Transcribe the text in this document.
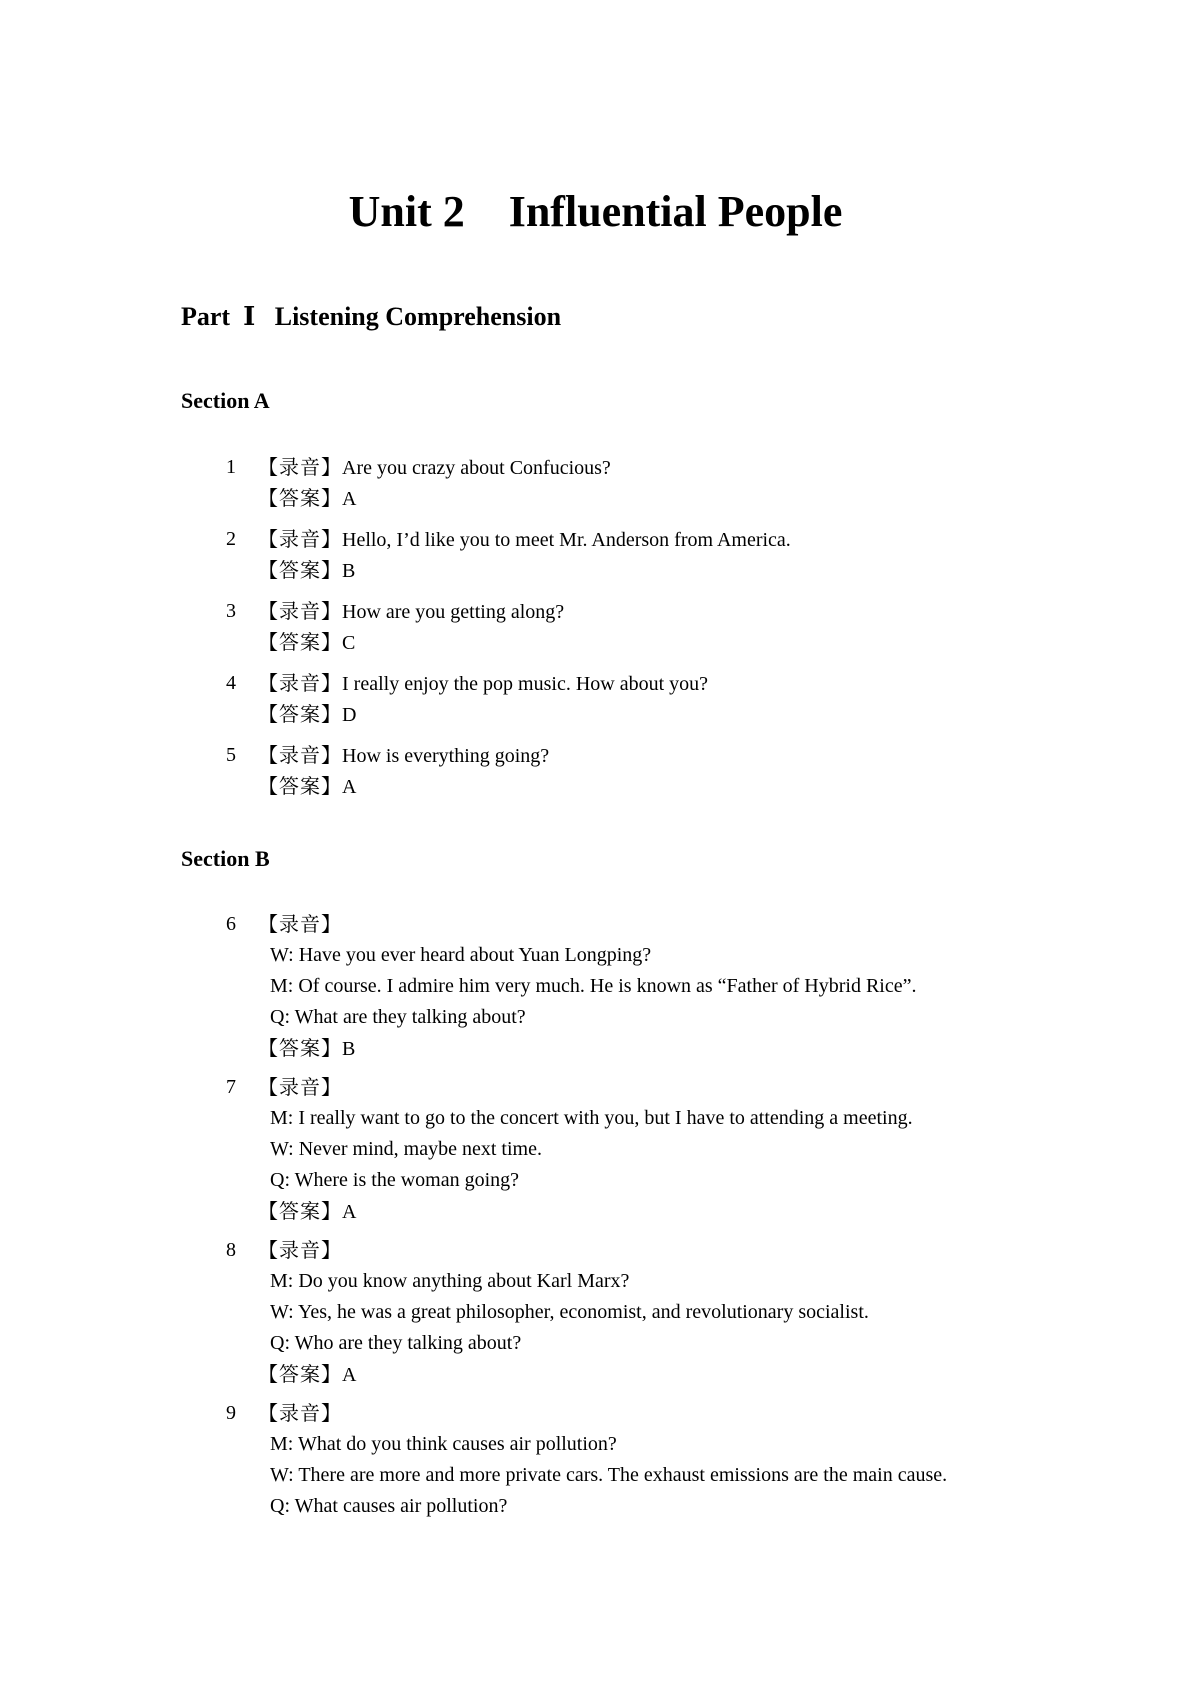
Unit 2    Influential People
Part  Ⅰ   Listening Comprehension
Section A
1	【录音】Are you crazy about Confucious?
【答案】A
2	【录音】Hello, I’d like you to meet Mr. Anderson from America.
【答案】B
3	【录音】How are you getting along?
【答案】C
4	【录音】I really enjoy the pop music. How about you?
【答案】D
5	【录音】How is everything going?
【答案】A
Section B
6	【录音】
W: Have you ever heard about Yuan Longping?
M: Of course. I admire him very much. He is known as “Father of Hybrid Rice”.
Q: What are they talking about?
【答案】B
7	【录音】
M: I really want to go to the concert with you, but I have to attending a meeting.
W: Never mind, maybe next time.
Q: Where is the woman going?
【答案】A
8	【录音】
M: Do you know anything about Karl Marx?
W: Yes, he was a great philosopher, economist, and revolutionary socialist.
Q: Who are they talking about?
【答案】A
9	【录音】
M: What do you think causes air pollution?
W: There are more and more private cars. The exhaust emissions are the main cause.
Q: What causes air pollution?
